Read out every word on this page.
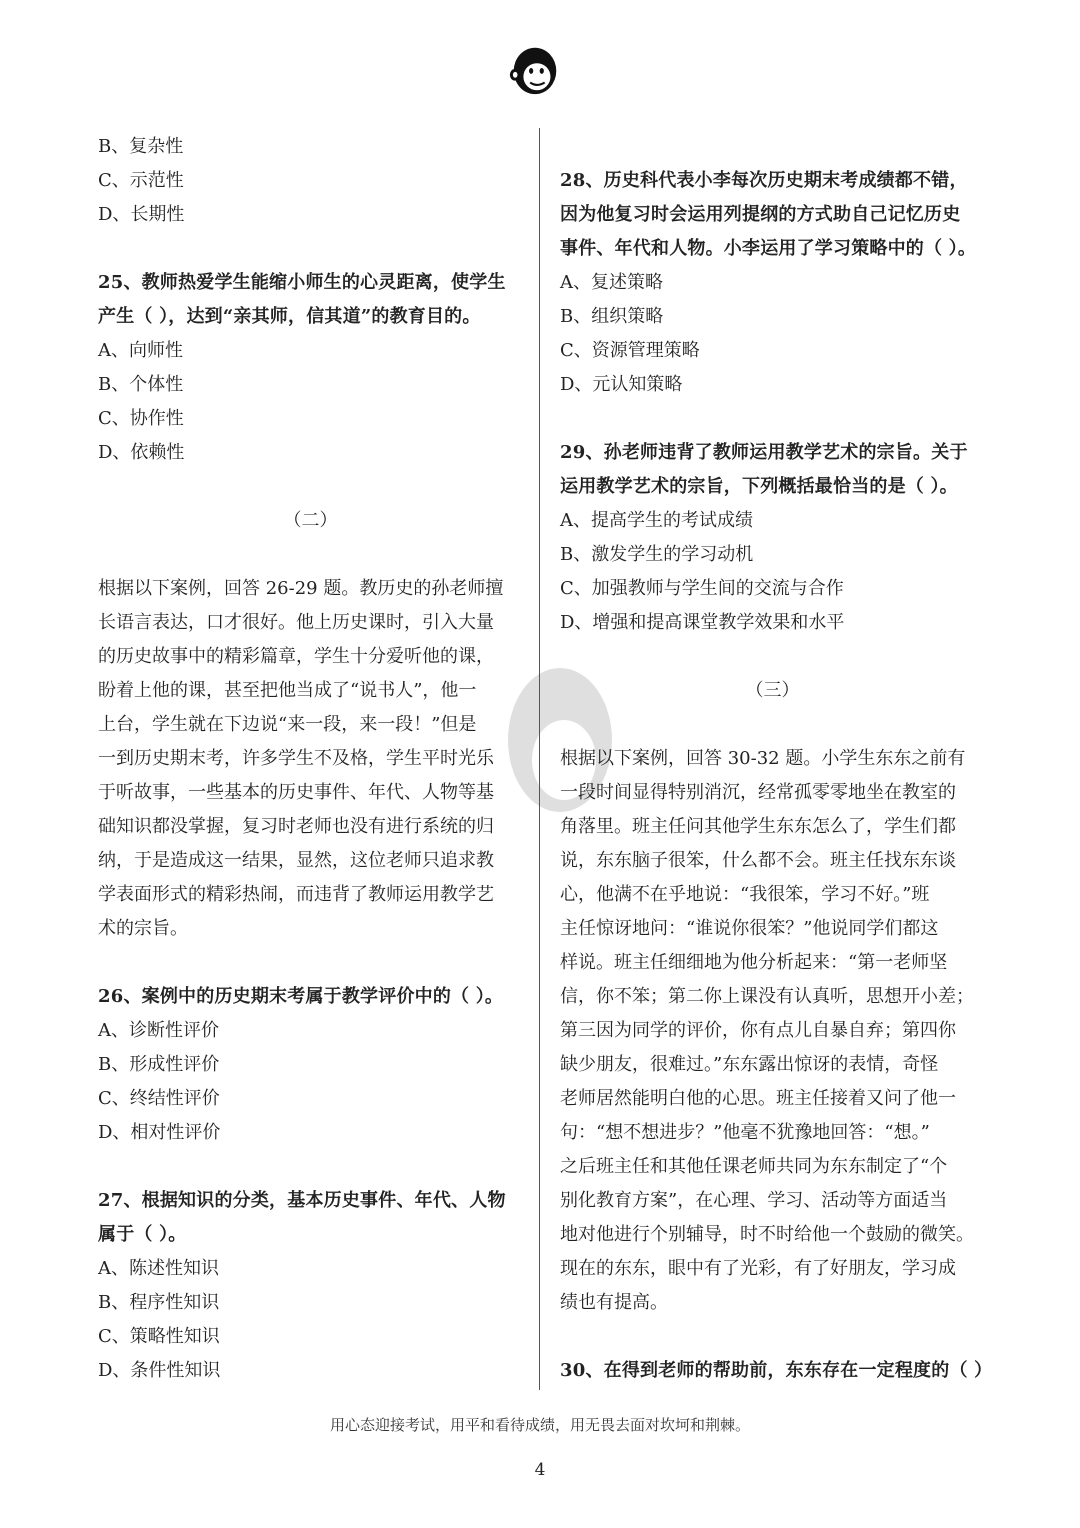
B、复杂性
C、示范性
D、长期性
25、教师热爱学生能缩小师生的心灵距离，使学生
产生（ ），达到“亲其师，信其道”的教育目的。
A、向师性
B、个体性
C、协作性
D、依赖性
（二）
根据以下案例，回答 26-29 题。教历史的孙老师擅
长语言表达，口才很好。他上历史课时，引入大量
的历史故事中的精彩篇章，学生十分爱听他的课，
盼着上他的课，甚至把他当成了“说书人”，他一
上台，学生就在下边说“来一段，来一段！”但是
一到历史期末考，许多学生不及格，学生平时光乐
于听故事，一些基本的历史事件、年代、人物等基
础知识都没掌握，复习时老师也没有进行系统的归
纳，于是造成这一结果，显然，这位老师只追求教
学表面形式的精彩热闹，而违背了教师运用教学艺
术的宗旨。
26、案例中的历史期末考属于教学评价中的（ ）。
A、诊断性评价
B、形成性评价
C、终结性评价
D、相对性评价
27、根据知识的分类，基本历史事件、年代、人物
属于（ ）。
A、陈述性知识
B、程序性知识
C、策略性知识
D、条件性知识
28、历史科代表小李每次历史期末考成绩都不错，
因为他复习时会运用列提纲的方式助自己记忆历史
事件、年代和人物。小李运用了学习策略中的（ ）。
A、复述策略
B、组织策略
C、资源管理策略
D、元认知策略
29、孙老师违背了教师运用教学艺术的宗旨。关于
运用教学艺术的宗旨，下列概括最恰当的是（ ）。
A、提高学生的考试成绩
B、激发学生的学习动机
C、加强教师与学生间的交流与合作
D、增强和提高课堂教学效果和水平
（三）
根据以下案例，回答 30-32 题。小学生东东之前有
一段时间显得特别消沉，经常孤零零地坐在教室的
角落里。班主任问其他学生东东怎么了，学生们都
说，东东脑子很笨，什么都不会。班主任找东东谈
心，他满不在乎地说：“我很笨，学习不好。”班
主任惊讶地问：“谁说你很笨？”他说同学们都这
样说。班主任细细地为他分析起来：“第一老师坚
信，你不笨；第二你上课没有认真听，思想开小差；
第三因为同学的评价，你有点儿自暴自弃；第四你
缺少朋友，很难过。”东东露出惊讶的表情，奇怪
老师居然能明白他的心思。班主任接着又问了他一
句：“想不想进步？”他毫不犹豫地回答：“想。”
之后班主任和其他任课老师共同为东东制定了“个
别化教育方案”，在心理、学习、活动等方面适当
地对他进行个别辅导，时不时给他一个鼓励的微笑。
现在的东东，眼中有了光彩，有了好朋友，学习成
绩也有提高。
30、在得到老师的帮助前，东东存在一定程度的（ ）
用心态迎接考试，用平和看待成绩，用无畏去面对坎坷和荆棘。
4
